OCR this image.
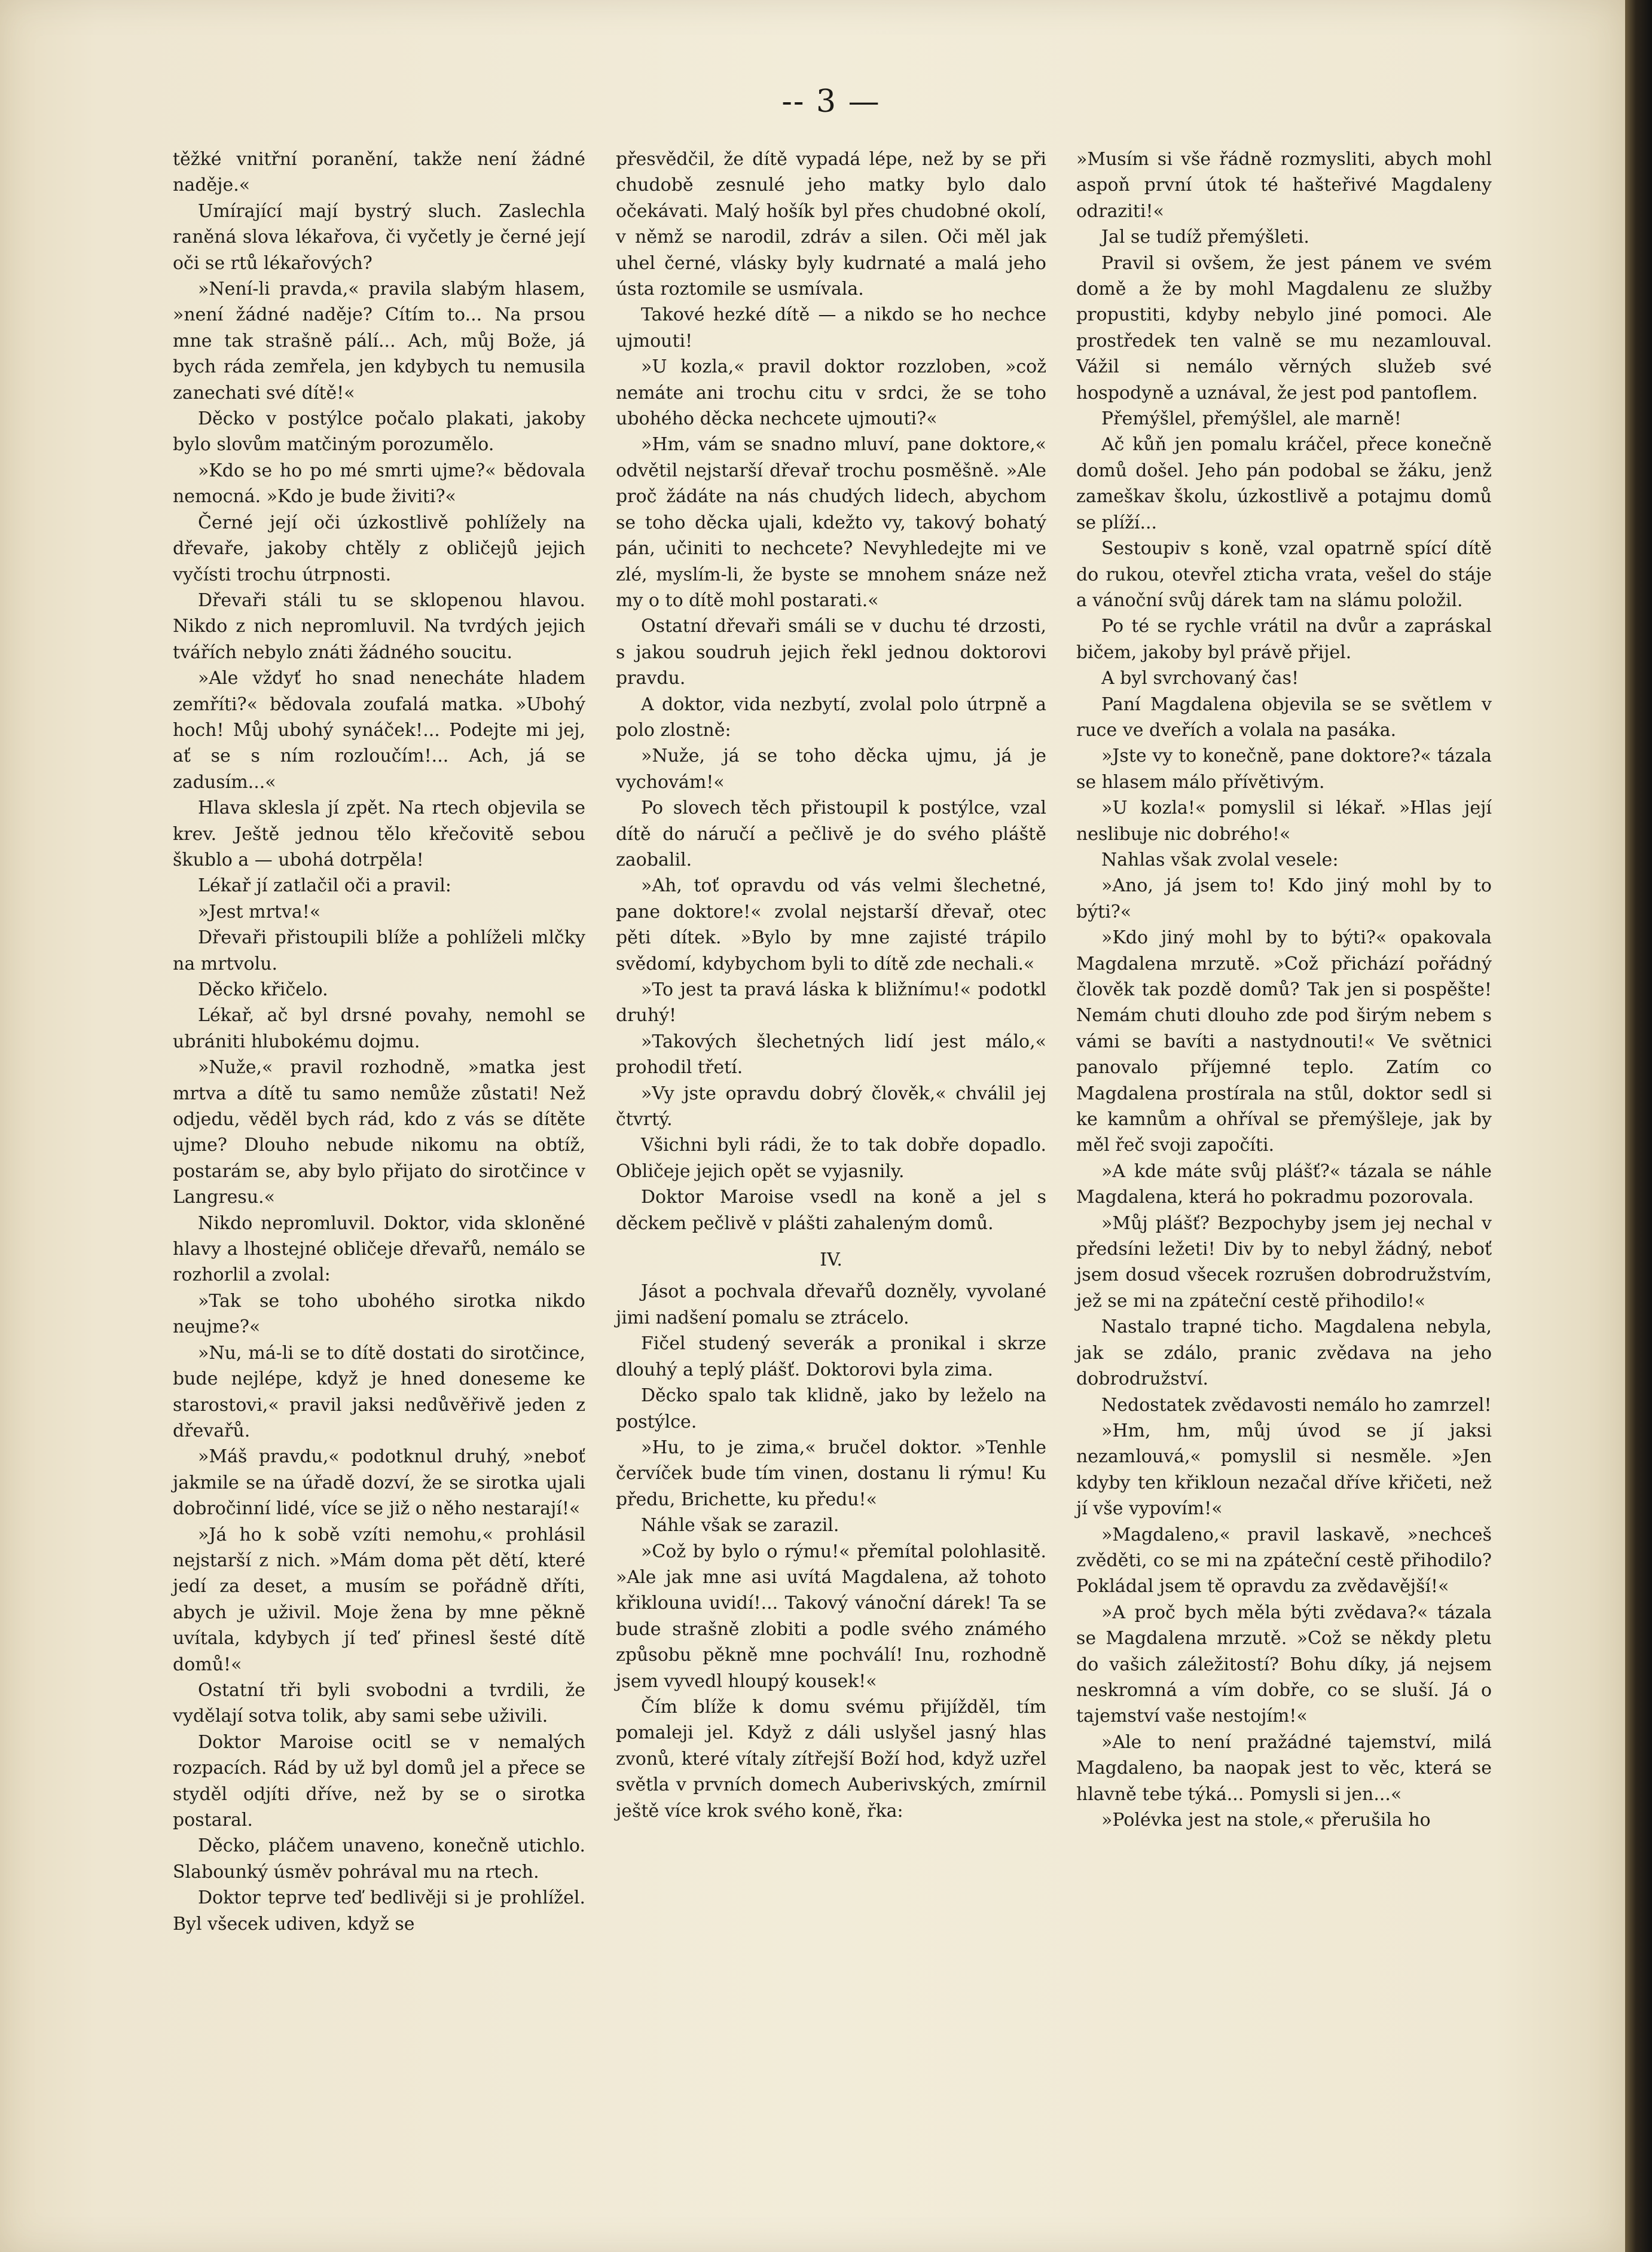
-- 3 —

těžké vnitřní poranění, takže není žádné naděje.«

Umírající mají bystrý sluch. Zaslechla raněná slova lékařova, či vyčetly je černé její oči se rtů lékařových?

»Není-li pravda,« pravila slabým hlasem, »není žádné naděje? Cítím to... Na prsou mne tak strašně pálí... Ach, můj Bože, já bych ráda zemřela, jen kdybych tu nemusila zanechati své dítě!«

Děcko v postýlce počalo plakati, jakoby bylo slovům matčiným porozumělo.

»Kdo se ho po mé smrti ujme?« bědovala nemocná. »Kdo je bude živiti?«

Černé její oči úzkostlivě pohlížely na dřevaře, jakoby chtěly z obličejů jejich vyčísti trochu útrpnosti.

Dřevaři stáli tu se sklopenou hlavou. Nikdo z nich nepromluvil. Na tvrdých jejich tvářích nebylo znáti žádného soucitu.

»Ale vždyť ho snad nenecháte hladem zemříti?« bědovala zoufalá matka. »Ubohý hoch! Můj ubohý synáček!... Podejte mi jej, ať se s ním rozloučím!... Ach, já se zadusím...«

Hlava sklesla jí zpět. Na rtech objevila se krev. Ještě jednou tělo křečovitě sebou škublo a — ubohá dotrpěla!

Lékař jí zatlačil oči a pravil:

»Jest mrtva!«

Dřevaři přistoupili blíže a pohlíželi mlčky na mrtvolu.

Děcko křičelo.

Lékař, ač byl drsné povahy, nemohl se ubrániti hlubokému dojmu.

»Nuže,« pravil rozhodně, »matka jest mrtva a dítě tu samo nemůže zůstati! Než odjedu, věděl bych rád, kdo z vás se dítěte ujme? Dlouho nebude nikomu na obtíž, postarám se, aby bylo přijato do sirotčince v Langresu.«

Nikdo nepromluvil. Doktor, vida skloněné hlavy a lhostejné obličeje dřevařů, nemálo se rozhorlil a zvolal:

»Tak se toho ubohého sirotka nikdo neujme?«

»Nu, má-li se to dítě dostati do sirotčince, bude nejlépe, když je hned doneseme ke starostovi,« pravil jaksi nedůvěřivě jeden z dřevařů.

»Máš pravdu,« podotknul druhý, »neboť jakmile se na úřadě dozví, že se sirotka ujali dobročinní lidé, více se již o něho nestarají!«

»Já ho k sobě vzíti nemohu,« prohlásil nejstarší z nich. »Mám doma pět dětí, které jedí za deset, a musím se pořádně dříti, abych je uživil. Moje žena by mne pěkně uvítala, kdybych jí teď přinesl šesté dítě domů!«

Ostatní tři byli svobodni a tvrdili, že vydělají sotva tolik, aby sami sebe uživili.

Doktor Maroise ocitl se v nemalých rozpacích. Rád by už byl domů jel a přece se styděl odjíti dříve, než by se o sirotka postaral.

Děcko, pláčem unaveno, konečně utichlo. Slabounký úsměv pohrával mu na rtech.

Doktor teprve teď bedlivěji si je prohlížel. Byl všecek udiven, když se

přesvědčil, že dítě vypadá lépe, než by se při chudobě zesnulé jeho matky bylo dalo očekávati. Malý hošík byl přes chudobné okolí, v němž se narodil, zdráv a silen. Oči měl jak uhel černé, vlásky byly kudrnaté a malá jeho ústa roztomile se usmívala.

Takové hezké dítě — a nikdo se ho nechce ujmouti!

»U kozla,« pravil doktor rozzloben, »což nemáte ani trochu citu v srdci, že se toho ubohého děcka nechcete ujmouti?«

»Hm, vám se snadno mluví, pane doktore,« odvětil nejstarší dřevař trochu posměšně. »Ale proč žádáte na nás chudých lidech, abychom se toho děcka ujali, kdežto vy, takový bohatý pán, učiniti to nechcete? Nevyhledejte mi ve zlé, myslím-li, že byste se mnohem snáze než my o to dítě mohl postarati.«

Ostatní dřevaři smáli se v duchu té drzosti, s jakou soudruh jejich řekl jednou doktorovi pravdu.

A doktor, vida nezbytí, zvolal polo útrpně a polo zlostně:

»Nuže, já se toho děcka ujmu, já je vychovám!«

Po slovech těch přistoupil k postýlce, vzal dítě do náručí a pečlivě je do svého pláště zaobalil.

»Ah, toť opravdu od vás velmi šlechetné, pane doktore!« zvolal nejstarší dřevař, otec pěti dítek. »Bylo by mne zajisté trápilo svědomí, kdybychom byli to dítě zde nechali.«

»To jest ta pravá láska k bližnímu!« podotkl druhý!

»Takových šlechetných lidí jest málo,« prohodil třetí.

»Vy jste opravdu dobrý člověk,« chválil jej čtvrtý.

Všichni byli rádi, že to tak dobře dopadlo. Obličeje jejich opět se vyjasnily.

Doktor Maroise vsedl na koně a jel s děckem pečlivě v plášti zahaleným domů.

IV.

Jásot a pochvala dřevařů dozněly, vyvolané jimi nadšení pomalu se ztrácelo.

Fičel studený severák a pronikal i skrze dlouhý a teplý plášť. Doktorovi byla zima.

Děcko spalo tak klidně, jako by leželo na postýlce.

»Hu, to je zima,« bručel doktor. »Tenhle červíček bude tím vinen, dostanu li rýmu! Ku předu, Brichette, ku předu!«

Náhle však se zarazil.

»Což by bylo o rýmu!« přemítal polohlasitě. »Ale jak mne asi uvítá Magdalena, až tohoto křiklouna uvidí!... Takový vánoční dárek! Ta se bude strašně zlobiti a podle svého známého způsobu pěkně mne pochválí! Inu, rozhodně jsem vyvedl hloupý kousek!«

Čím blíže k domu svému přijížděl, tím pomaleji jel. Když z dáli uslyšel jasný hlas zvonů, které vítaly zítřejší Boží hod, když uzřel světla v prvních domech Auberivských, zmírnil ještě více krok svého koně, řka:

»Musím si vše řádně rozmysliti, abych mohl aspoň první útok té hašteřivé Magdaleny odraziti!«

Jal se tudíž přemýšleti.

Pravil si ovšem, že jest pánem ve svém domě a že by mohl Magdalenu ze služby propustiti, kdyby nebylo jiné pomoci. Ale prostředek ten valně se mu nezamlouval. Vážil si nemálo věrných služeb své hospodyně a uznával, že jest pod pantoflem.

Přemýšlel, přemýšlel, ale marně!

Ač kůň jen pomalu kráčel, přece konečně domů došel. Jeho pán podobal se žáku, jenž zameškav školu, úzkostlivě a potajmu domů se plíží...

Sestoupiv s koně, vzal opatrně spící dítě do rukou, otevřel zticha vrata, vešel do stáje a vánoční svůj dárek tam na slámu položil.

Po té se rychle vrátil na dvůr a zapráskal bičem, jakoby byl právě přijel.

A byl svrchovaný čas!

Paní Magdalena objevila se se světlem v ruce ve dveřích a volala na pasáka.

»Jste vy to konečně, pane doktore?« tázala se hlasem málo přívětivým.

»U kozla!« pomyslil si lékař. »Hlas její neslibuje nic dobrého!«

Nahlas však zvolal vesele:

»Ano, já jsem to! Kdo jiný mohl by to býti?«

»Kdo jiný mohl by to býti?« opakovala Magdalena mrzutě. »Což přichází pořádný člověk tak pozdě domů? Tak jen si pospěšte! Nemám chuti dlouho zde pod širým nebem s vámi se bavíti a nastydnouti!« Ve světnici panovalo příjemné teplo. Zatím co Magdalena prostírala na stůl, doktor sedl si ke kamnům a ohříval se přemýšleje, jak by měl řeč svoji započíti.

»A kde máte svůj plášť?« tázala se náhle Magdalena, která ho pokradmu pozorovala.

»Můj plášť? Bezpochyby jsem jej nechal v předsíni ležeti! Div by to nebyl žádný, neboť jsem dosud všecek rozrušen dobrodružstvím, jež se mi na zpáteční cestě přihodilo!«

Nastalo trapné ticho. Magdalena nebyla, jak se zdálo, pranic zvědava na jeho dobrodružství.

Nedostatek zvědavosti nemálo ho zamrzel!

»Hm, hm, můj úvod se jí jaksi nezamlouvá,« pomyslil si nesměle. »Jen kdyby ten křikloun nezačal dříve křičeti, než jí vše vypovím!«

»Magdaleno,« pravil laskavě, »nechceš zvěděti, co se mi na zpáteční cestě přihodilo? Pokládal jsem tě opravdu za zvědavější!«

»A proč bych měla býti zvědava?« tázala se Magdalena mrzutě. »Což se někdy pletu do vašich záležitostí? Bohu díky, já nejsem neskromná a vím dobře, co se sluší. Já o tajemství vaše nestojím!«

»Ale to není pražádné tajemství, milá Magdaleno, ba naopak jest to věc, která se hlavně tebe týká... Pomysli si jen...«

»Polévka jest na stole,« přerušila ho
